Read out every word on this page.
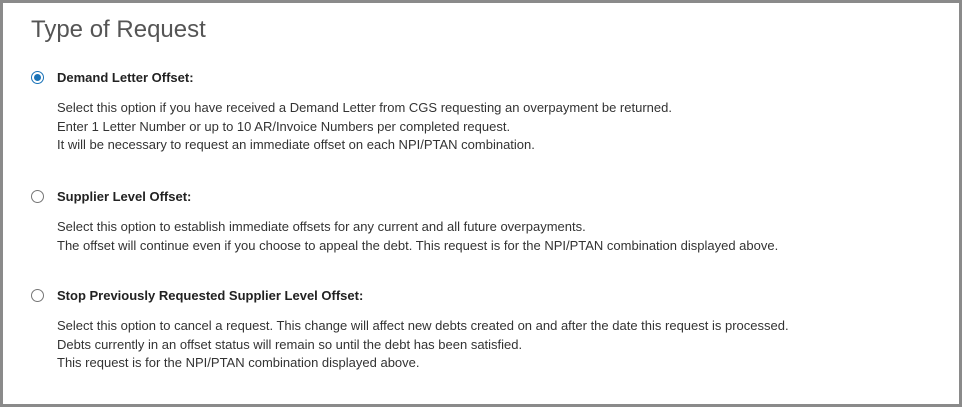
Type of Request
Demand Letter Offset:
Select this option if you have received a Demand Letter from CGS requesting an overpayment be returned.
Enter 1 Letter Number or up to 10 AR/Invoice Numbers per completed request.
It will be necessary to request an immediate offset on each NPI/PTAN combination.
Supplier Level Offset:
Select this option to establish immediate offsets for any current and all future overpayments.
The offset will continue even if you choose to appeal the debt. This request is for the NPI/PTAN combination displayed above.
Stop Previously Requested Supplier Level Offset:
Select this option to cancel a request. This change will affect new debts created on and after the date this request is processed.
Debts currently in an offset status will remain so until the debt has been satisfied.
This request is for the NPI/PTAN combination displayed above.
